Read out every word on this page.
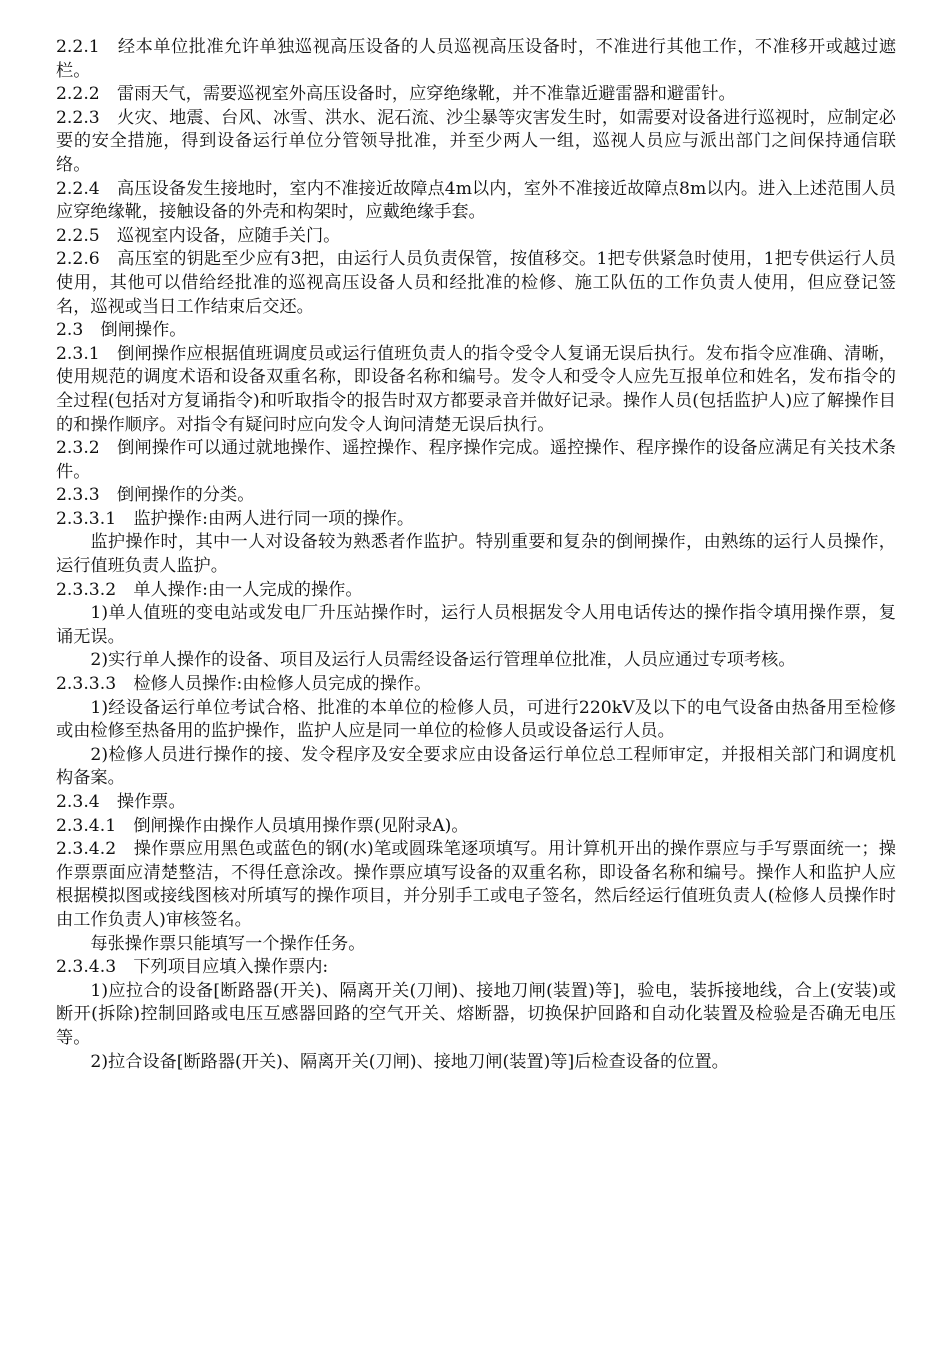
2.2.1　经本单位批准允许单独巡视高压设备的人员巡视高压设备时，不准进行其他工作，不准移开或越过遮栏。

2.2.2　雷雨天气，需要巡视室外高压设备时，应穿绝缘靴，并不准靠近避雷器和避雷针。

2.2.3　火灾、地震、台风、冰雪、洪水、泥石流、沙尘暴等灾害发生时，如需要对设备进行巡视时，应制定必要的安全措施，得到设备运行单位分管领导批准，并至少两人一组，巡视人员应与派出部门之间保持通信联络。

2.2.4　高压设备发生接地时，室内不准接近故障点4m以内，室外不准接近故障点8m以内。进入上述范围人员应穿绝缘靴，接触设备的外壳和构架时，应戴绝缘手套。

2.2.5　巡视室内设备，应随手关门。

2.2.6　高压室的钥匙至少应有3把，由运行人员负责保管，按值移交。1把专供紧急时使用，1把专供运行人员使用，其他可以借给经批准的巡视高压设备人员和经批准的检修、施工队伍的工作负责人使用，但应登记签名，巡视或当日工作结束后交还。

2.3　倒闸操作。

2.3.1　倒闸操作应根据值班调度员或运行值班负责人的指令受令人复诵无误后执行。发布指令应准确、清晰，使用规范的调度术语和设备双重名称，即设备名称和编号。发令人和受令人应先互报单位和姓名，发布指令的全过程(包括对方复诵指令)和听取指令的报告时双方都要录音并做好记录。操作人员(包括监护人)应了解操作目的和操作顺序。对指令有疑问时应向发令人询问清楚无误后执行。

2.3.2　倒闸操作可以通过就地操作、遥控操作、程序操作完成。遥控操作、程序操作的设备应满足有关技术条件。

2.3.3　倒闸操作的分类。

2.3.3.1　监护操作:由两人进行同一项的操作。

监护操作时，其中一人对设备较为熟悉者作监护。特别重要和复杂的倒闸操作，由熟练的运行人员操作，运行值班负责人监护。

2.3.3.2　单人操作:由一人完成的操作。

1)单人值班的变电站或发电厂升压站操作时，运行人员根据发令人用电话传达的操作指令填用操作票，复诵无误。

2)实行单人操作的设备、项目及运行人员需经设备运行管理单位批准，人员应通过专项考核。

2.3.3.3　检修人员操作:由检修人员完成的操作。

1)经设备运行单位考试合格、批准的本单位的检修人员，可进行220kV及以下的电气设备由热备用至检修或由检修至热备用的监护操作，监护人应是同一单位的检修人员或设备运行人员。

2)检修人员进行操作的接、发令程序及安全要求应由设备运行单位总工程师审定，并报相关部门和调度机构备案。

2.3.4　操作票。

2.3.4.1　倒闸操作由操作人员填用操作票(见附录A)。

2.3.4.2　操作票应用黑色或蓝色的钢(水)笔或圆珠笔逐项填写。用计算机开出的操作票应与手写票面统一；操作票票面应清楚整洁，不得任意涂改。操作票应填写设备的双重名称，即设备名称和编号。操作人和监护人应根据模拟图或接线图核对所填写的操作项目，并分别手工或电子签名，然后经运行值班负责人(检修人员操作时由工作负责人)审核签名。

每张操作票只能填写一个操作任务。

2.3.4.3　下列项目应填入操作票内:

1)应拉合的设备[断路器(开关)、隔离开关(刀闸)、接地刀闸(装置)等]，验电，装拆接地线，合上(安装)或断开(拆除)控制回路或电压互感器回路的空气开关、熔断器，切换保护回路和自动化装置及检验是否确无电压等。

2)拉合设备[断路器(开关)、隔离开关(刀闸)、接地刀闸(装置)等]后检查设备的位置。
